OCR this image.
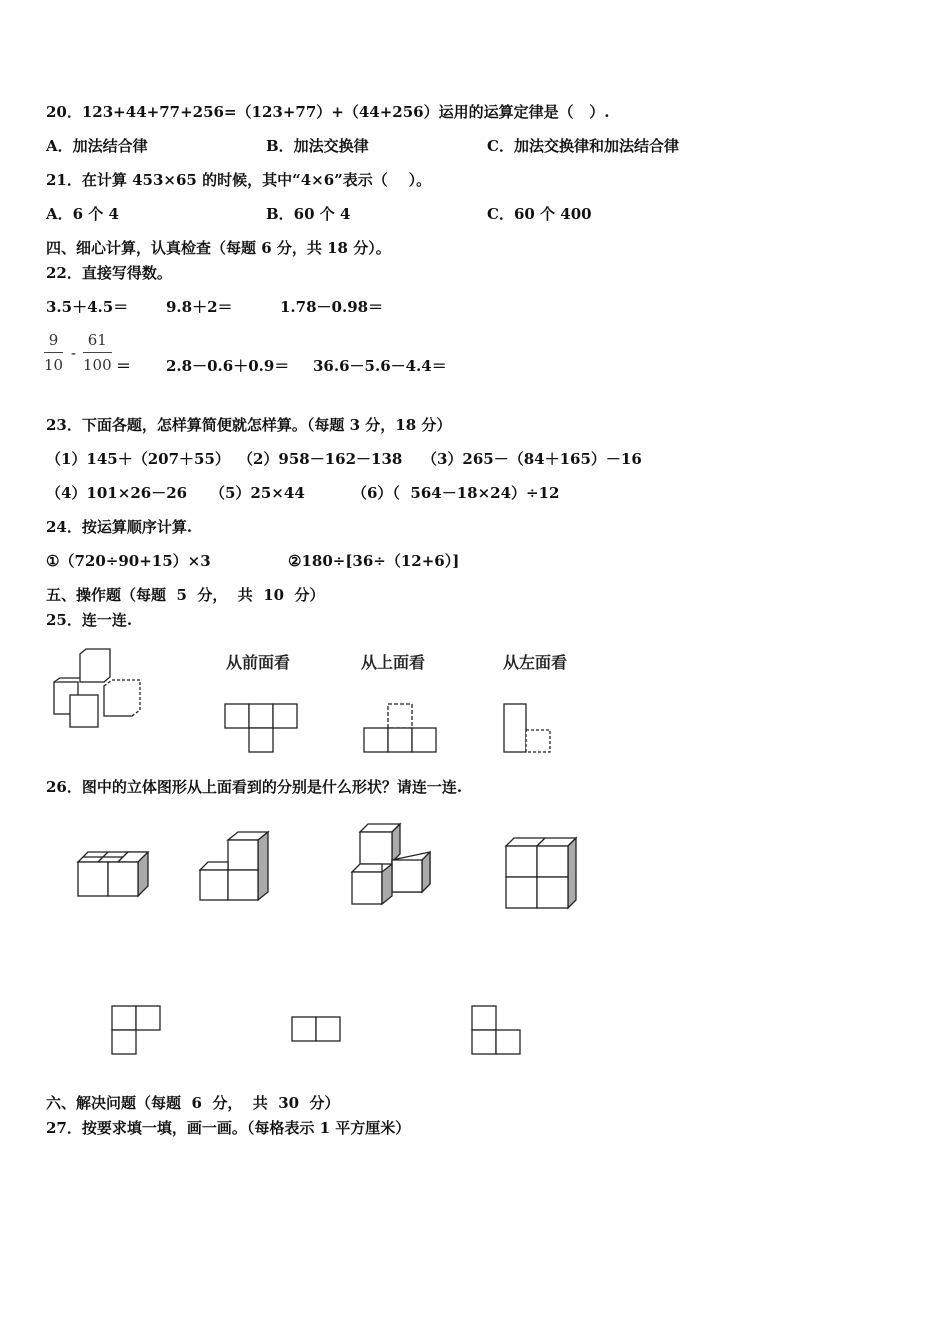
20．123+44+77+256=（123+77）+（44+256）运用的运算定律是（   ）.
A．加法结合律	B．加法交换律	C．加法交换律和加法结合律
21．在计算 453×65 的时候，其中“4×6”表示（    ）。
A．6 个 4	B．60 个 4	C．60 个 400
四、细心计算，认真检查（每题 6 分，共 18 分）。
22．直接写得数。
3.5＋4.5＝	9.8＋2＝	1.78－0.98＝
$\frac{9}{10} - \frac{61}{100} = 2.8-0.6+0.9= 36.6-5.6-4.4=$
23．下面各题，怎样算简便就怎样算。（每题 3 分，18 分）
（1）145＋（207＋55） （2）958－162－138 （3）265－（84＋165）－16
（4）101×26－26 （5）25×44	（6）（  564－18×24）÷12
24．按运算顺序计算.
①（720÷90+15）×3	②180÷[36÷（12+6）]
五、操作题（每题  5  分，  共  10  分）
25．连一连.
从前面看	从上面看	从左面看
26．图中的立体图形从上面看到的分别是什么形状？请连一连.
六、解决问题（每题  6  分，  共  30  分）
27．按要求填一填，画一画。（每格表示 1 平方厘米）
